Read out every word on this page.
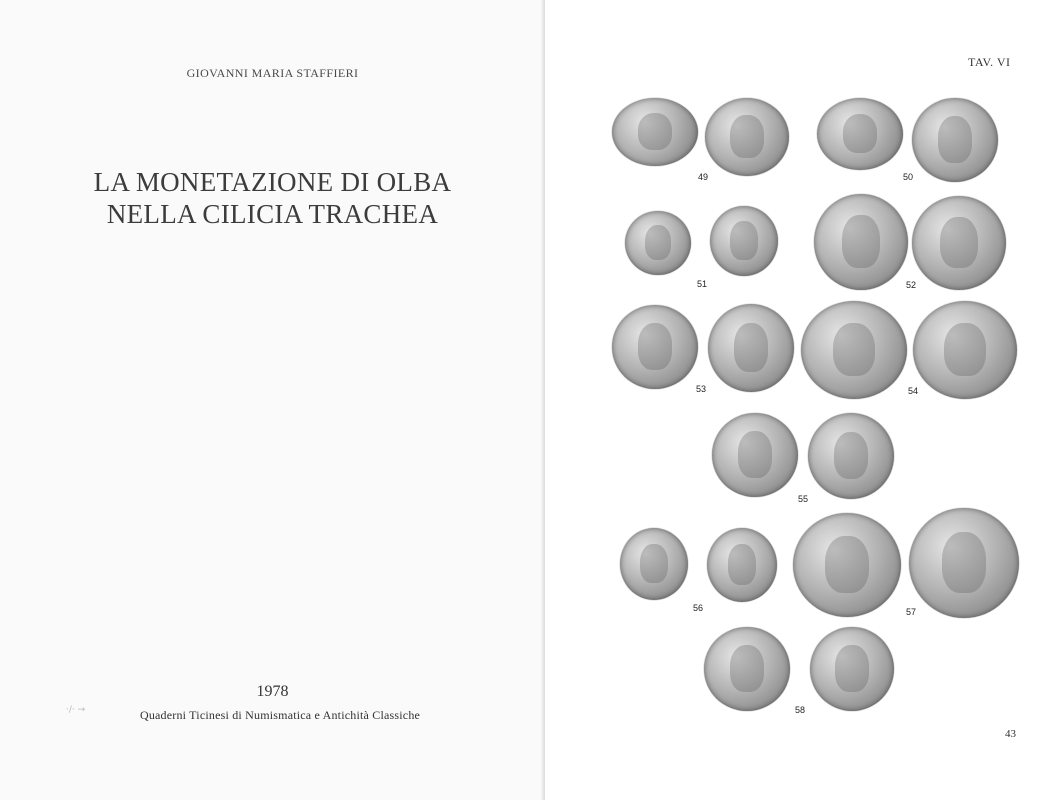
GIOVANNI MARIA STAFFIERI
LA MONETAZIONE DI OLBA
NELLA CILICIA TRACHEA
1978
·/· →	Quaderni Ticinesi di Numismatica e Antichità Classiche
TAV. VI
49	50
51	52
53	54
55
56	57
58
43
